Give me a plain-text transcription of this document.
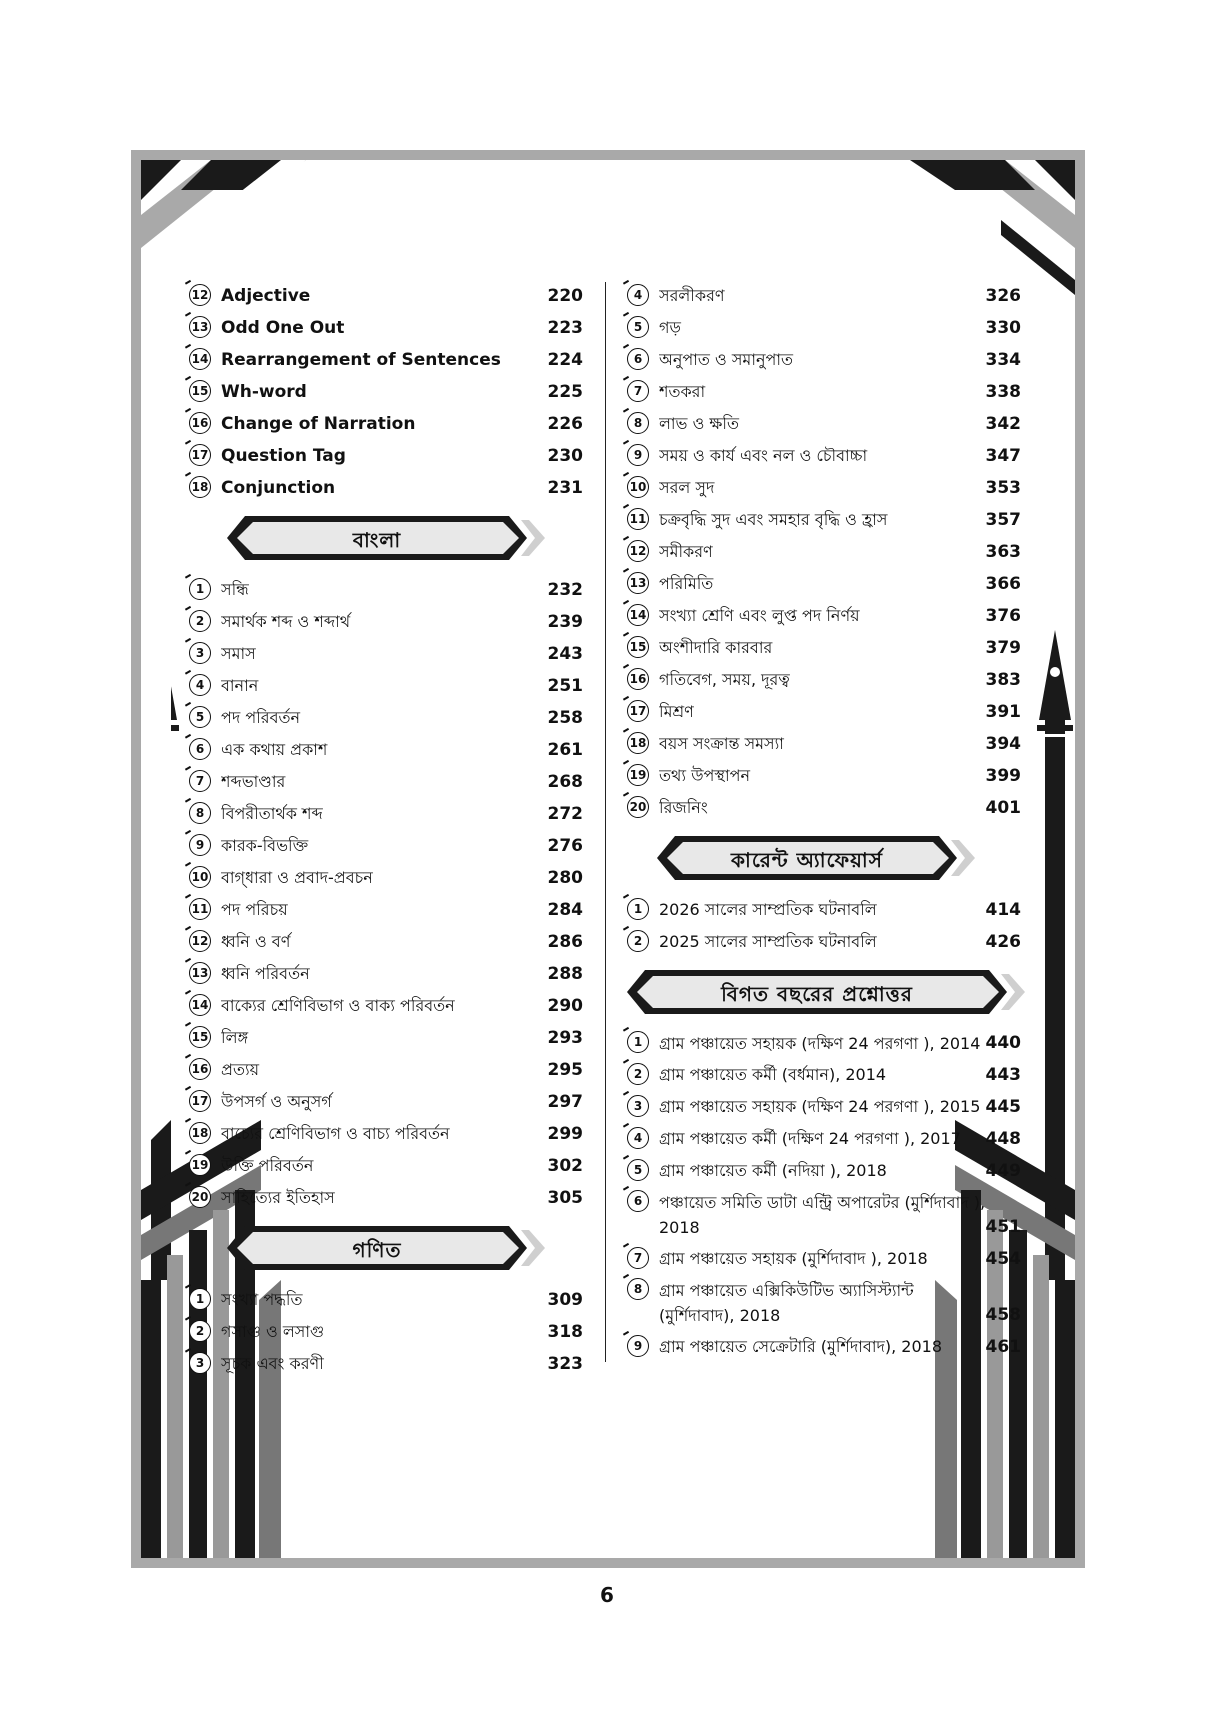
12 Adjective	220
13 Odd One Out	223
14 Rearrangement of Sentences	224
15 Wh-word	225
16 Change of Narration	226
17 Question Tag	230
18 Conjunction	231
বাংলা
1	সন্ধি	232
2	সমার্থক শব্দ ও শব্দার্থ	239
3	সমাস	243
4	বানান	251
5	পদ পরিবর্তন	258
6	এক কথায় প্রকাশ	261
7	শব্দভাণ্ডার	268
8	বিপরীতার্থক শব্দ	272
9	কারক-বিভক্তি	276
10 বাগ্‌ধারা ও প্রবাদ-প্রবচন	280
11 পদ পরিচয়	284
12 ধ্বনি ও বর্ণ	286
13 ধ্বনি পরিবর্তন	288
14 বাক্যের শ্রেণিবিভাগ ও বাক্য পরিবর্তন	290
15 লিঙ্গ	293
16 প্রত্যয়	295
17 উপসর্গ ও অনুসর্গ	297
18 বাচ্যের শ্রেণিবিভাগ ও বাচ্য পরিবর্তন	299
19 উক্তি পরিবর্তন	302
20 সাহিত্যের ইতিহাস	305
গণিত
1	সংখ্যা পদ্ধতি	309
2	গসাগু ও লসাগু	318
3	সূচক এবং করণী	323
4	সরলীকরণ	326
5	গড়	330
6	অনুপাত ও সমানুপাত	334
7	শতকরা	338
8	লাভ ও ক্ষতি	342
9	সময় ও কার্য এবং নল ও চৌবাচ্চা	347
10 সরল সুদ	353
11 চক্রবৃদ্ধি সুদ এবং সমহার বৃদ্ধি ও হ্রাস	357
12 সমীকরণ	363
13 পরিমিতি	366
14 সংখ্যা শ্রেণি এবং লুপ্ত পদ নির্ণয়	376
15 অংশীদারি কারবার	379
16 গতিবেগ, সময়, দূরত্ব	383
17 মিশ্রণ	391
18 বয়স সংক্রান্ত সমস্যা	394
19 তথ্য উপস্থাপন	399
20 রিজনিং	401
কারেন্ট অ্যাফেয়ার্স
1	2026 সালের সাম্প্রতিক ঘটনাবলি	414
2	2025 সালের সাম্প্রতিক ঘটনাবলি	426
বিগত বছরের প্রশ্নোত্তর
1	গ্রাম পঞ্চায়েত সহায়ক (দক্ষিণ 24 পরগণা ), 2014 440
2	গ্রাম পঞ্চায়েত কর্মী (বর্ধমান), 2014	443
3	গ্রাম পঞ্চায়েত সহায়ক (দক্ষিণ 24 পরগণা ), 2015 445
4	গ্রাম পঞ্চায়েত কর্মী (দক্ষিণ 24 পরগণা ), 2017	448
5	গ্রাম পঞ্চায়েত কর্মী (নদিয়া ), 2018	449
6	পঞ্চায়েত সমিতি ডাটা এন্ট্রি অপারেটর (মুর্শিদাবাদ ), 2018	451
7	গ্রাম পঞ্চায়েত সহায়ক (মুর্শিদাবাদ ), 2018	454
8	গ্রাম পঞ্চায়েত এক্সিকিউটিভ অ্যাসিস্ট্যান্ট (মুর্শিদাবাদ), 2018	458
9	গ্রাম পঞ্চায়েত সেক্রেটারি (মুর্শিদাবাদ), 2018	461
6
